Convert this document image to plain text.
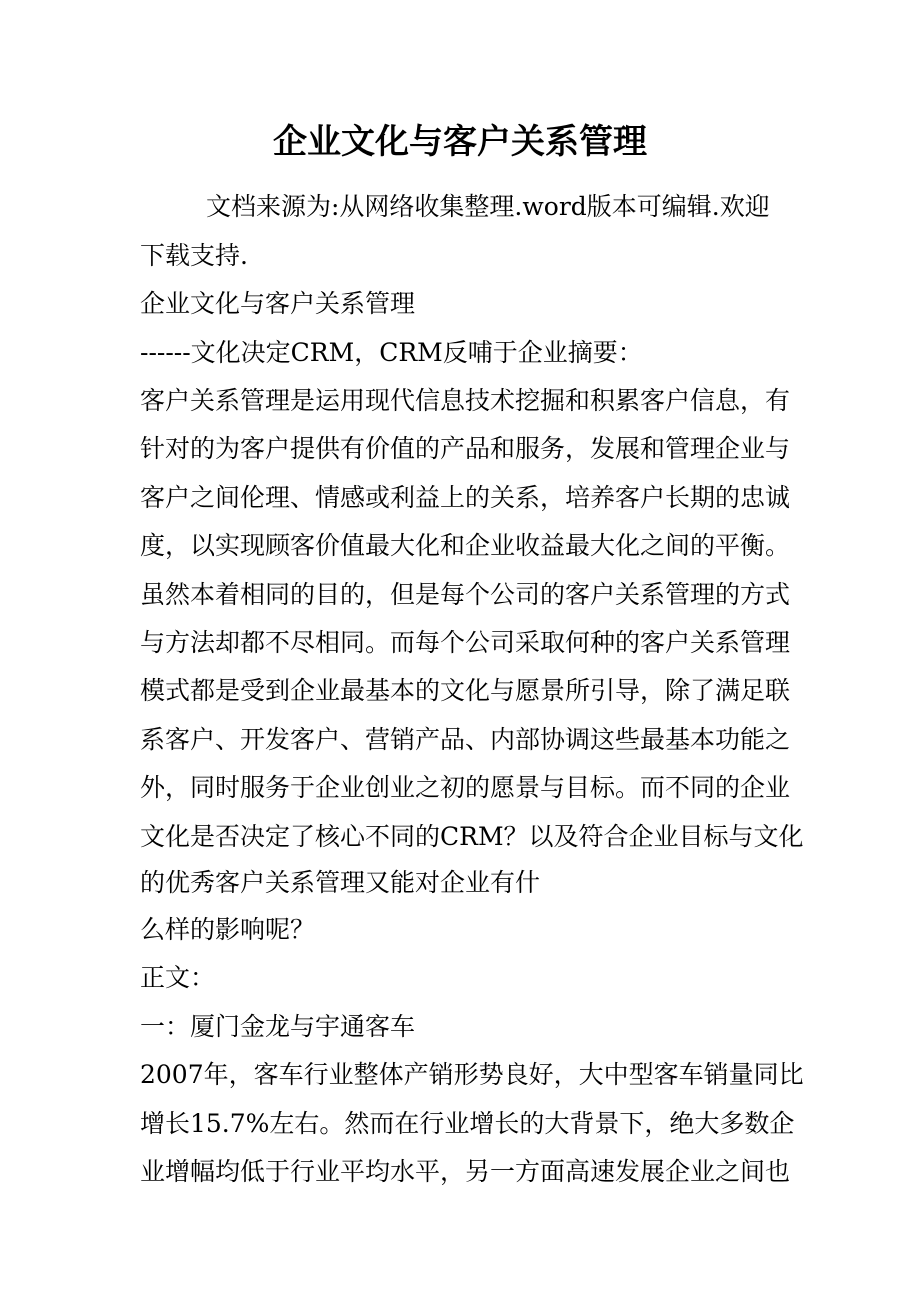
企业文化与客户关系管理

文档来源为:从网络收集整理.word版本可编辑.欢迎

下载支持.

企业文化与客户关系管理

------文化决定CRM，CRM反哺于企业摘要：

客户关系管理是运用现代信息技术挖掘和积累客户信息，有

针对的为客户提供有价值的产品和服务，发展和管理企业与

客户之间伦理、情感或利益上的关系，培养客户长期的忠诚

度，以实现顾客价值最大化和企业收益最大化之间的平衡。

虽然本着相同的目的，但是每个公司的客户关系管理的方式

与方法却都不尽相同。而每个公司采取何种的客户关系管理

模式都是受到企业最基本的文化与愿景所引导，除了满足联

系客户、开发客户、营销产品、内部协调这些最基本功能之

外，同时服务于企业创业之初的愿景与目标。而不同的企业

文化是否决定了核心不同的CRM？以及符合企业目标与文化

的优秀客户关系管理又能对企业有什

么样的影响呢？

正文：

一：厦门金龙与宇通客车

2007年，客车行业整体产销形势良好，大中型客车销量同比

增长15.7%左右。然而在行业增长的大背景下，绝大多数企

业增幅均低于行业平均水平，另一方面高速发展企业之间也
